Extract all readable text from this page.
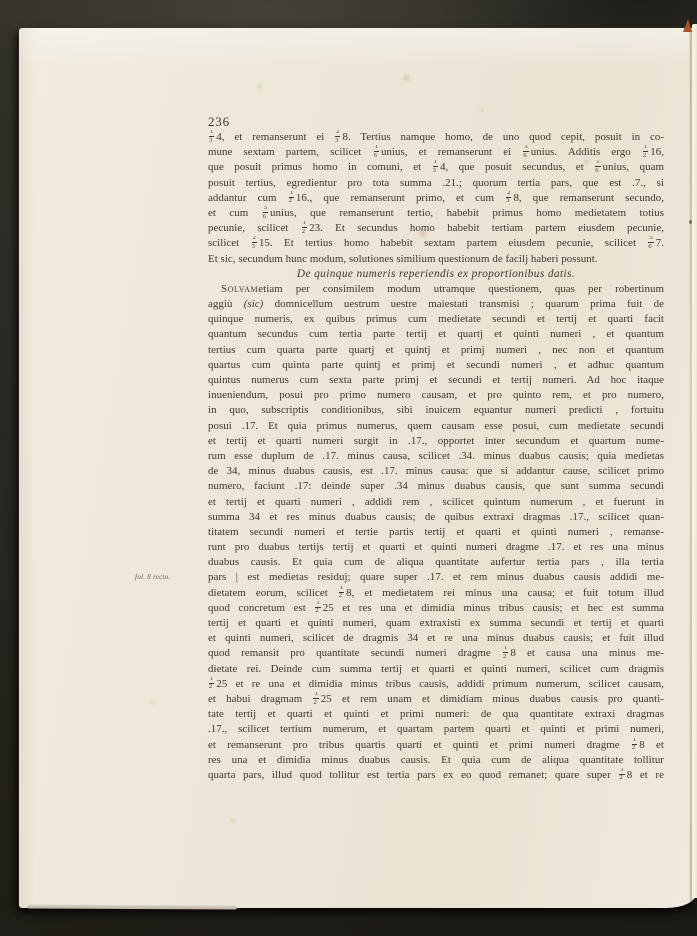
236
fol. 8 recto.
$\frac{1}{3} 4$, et remanserunt ei $\frac{2}{3} 8$. Tertius namque homo, de uno quod cepit, posuit in co-
mune sextam partem, scilicet $\frac{1}{6}$ unius, et remanserunt ei $\frac{5}{6}$ unius. Additis ergo $\frac{1}{2} 16$,
que posuit primus homo in comuni, et $\frac{1}{3} 4$, que posuit secundus, et $\frac{1}{6}$ unius, quam
posuit tertius, egredientur pro tota summa .21.; quorum tertia pars, que est .7., si
addantur cum $\frac{1}{2} 16$., que remanserunt primo, et cum $\frac{2}{3} 8$, que remanserunt secundo,
et cum $\frac{5}{6}$ unius, que remanserunt tertio, habebit primus homo medietatem totius
pecunie, scilicet $\frac{1}{2} 23$. Et secundus homo habebit tertiam partem eiusdem pecunie,
scilicet $\frac{2}{3} 15$. Et tertius homo habebit sextam partem eiusdem pecunie, scilicet $\frac{5}{6} 7$.
Et sic, secundum hunc modum, solutiones similium questionum de facilj haberi possunt.
De quinque numeris reperiendis ex proportionibus datis.
Solvametiam per consimilem modum utramque questionem, quas per robertinum
aggiù (sic) domnicellum uestrum uestre maiestati transmisi ; quarum prima fuit de
quinque numeris, ex quibus primus cum medietate secundi et tertij et quarti facit
quantum secundus cum tertia parte tertij et quartj et quinti numeri , et quantum
tertius cum quarta parte quartj et quintj et primj numeri , nec non et quantum
quartus cum quinta parte quintj et primj et secundi numeri , et adhuc quantum
quintus numerus cum sexta parte primj et secundi et tertij numeri. Ad hoc itaque
inueniendum, posui pro primo numero causam, et pro quinto rem, et pro numero,
in quo, subscriptis conditionibus, sibi inuicem equantur numeri predicti , fortuitu
posui .17. Et quia primus numerus, quem causam esse posui, cum medietate secundi
et tertij et quarti numeri surgit in .17., opportet inter secundum et quartum nume-
rum esse duplum de .17. minus causa, scilicet .34. minus duabus causis; quia medietas
de 34, minus duabus causis, est .17. minus causa: que si addantur cause, scilicet primo
numero, faciunt .17: deinde super .34 minus duabus causis, que sunt summa secundi
et tertij et quarti numeri , addidi rem , scilicet quintum numerum , et fuerunt in
summa 34 et res minus duabus causis; de quibus extraxi dragmas .17., scilicet quan-
titatem secundi numeri et tertie partis tertij et quarti et quinti numeri , remanse-
runt pro duabus tertijs tertij et quarti et quinti numeri dragme .17. et res una minus
duabus causis. Et quia cum de aliqua quantitate aufertur tertia pars , illa tertia
pars | est medietas residuj; quare super .17. et rem minus duabus causis addidi me-
dietatem eorum, scilicet $\frac{1}{2} 8$, et medietatem rei minus una causa; et fuit totum illud
quod concretum est $\frac{1}{2} 25$ et res una et dimidia minus tribus causis; et hec est summa
tertij et quarti et quinti numeri, quam extraxisti ex summa secundi et tertij et quarti
et quinti numeri, scilicet de dragmis 34 et re una minus duabus causis; et fuit illud
quod remansit pro quantitate secundi numeri dragme $\frac{1}{2} 8$ et causa una minus me-
dietate rei. Deinde cum summa tertij et quarti et quinti numeri, scilicet cum dragmis
$\frac{1}{2} 25$ et re una et dimidia minus tribus causis, addidi primum numerum, scilicet causam,
et habui dragmam $\frac{1}{2} 25$ et rem unam et dimidiam minus duabus causis pro quanti-
tate tertij et quarti et quinti et primi numeri: de qua quantitate extraxi dragmas
.17., scilicet tertium numerum, et quartam partem quarti et quinti et primi numeri,
et remanserunt pro tribus quartis quarti et quinti et primi numeri dragme $\frac{1}{2} 8$ et
res una et dimidia minus duabus causis. Et quia cum de aliqua quantitate tollitur
quarta pars, illud quod tollitur est tertia pars ex eo quod remanet; quare super $\frac{1}{2} 8$ et re
